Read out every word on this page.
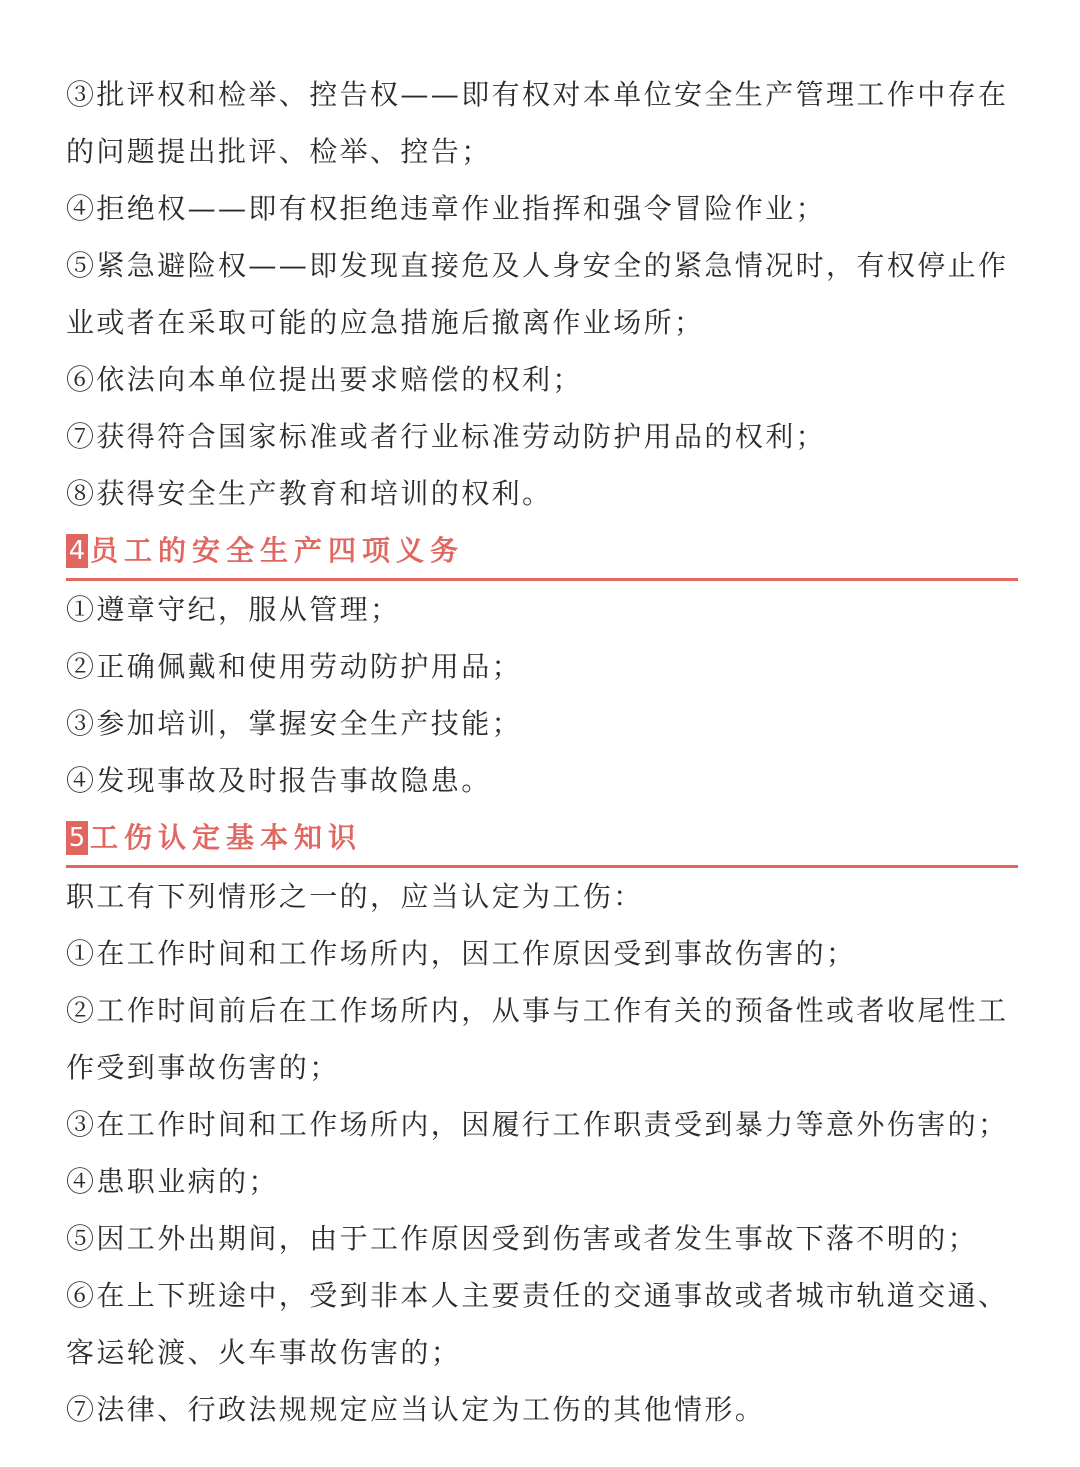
③批评权和检举、控告权——即有权对本单位安全生产管理工作中存在
的问题提出批评、检举、控告；
④拒绝权——即有权拒绝违章作业指挥和强令冒险作业；
⑤紧急避险权——即发现直接危及人身安全的紧急情况时，有权停止作
业或者在采取可能的应急措施后撤离作业场所；
⑥依法向本单位提出要求赔偿的权利；
⑦获得符合国家标准或者行业标准劳动防护用品的权利；
⑧获得安全生产教育和培训的权利。
4 员工的安全生产四项义务
①遵章守纪，服从管理；
②正确佩戴和使用劳动防护用品；
③参加培训，掌握安全生产技能；
④发现事故及时报告事故隐患。
5 工伤认定基本知识
职工有下列情形之一的，应当认定为工伤：
①在工作时间和工作场所内，因工作原因受到事故伤害的；
②工作时间前后在工作场所内，从事与工作有关的预备性或者收尾性工
作受到事故伤害的；
③在工作时间和工作场所内，因履行工作职责受到暴力等意外伤害的；
④患职业病的；
⑤因工外出期间，由于工作原因受到伤害或者发生事故下落不明的；
⑥在上下班途中，受到非本人主要责任的交通事故或者城市轨道交通、
客运轮渡、火车事故伤害的；
⑦法律、行政法规规定应当认定为工伤的其他情形。
